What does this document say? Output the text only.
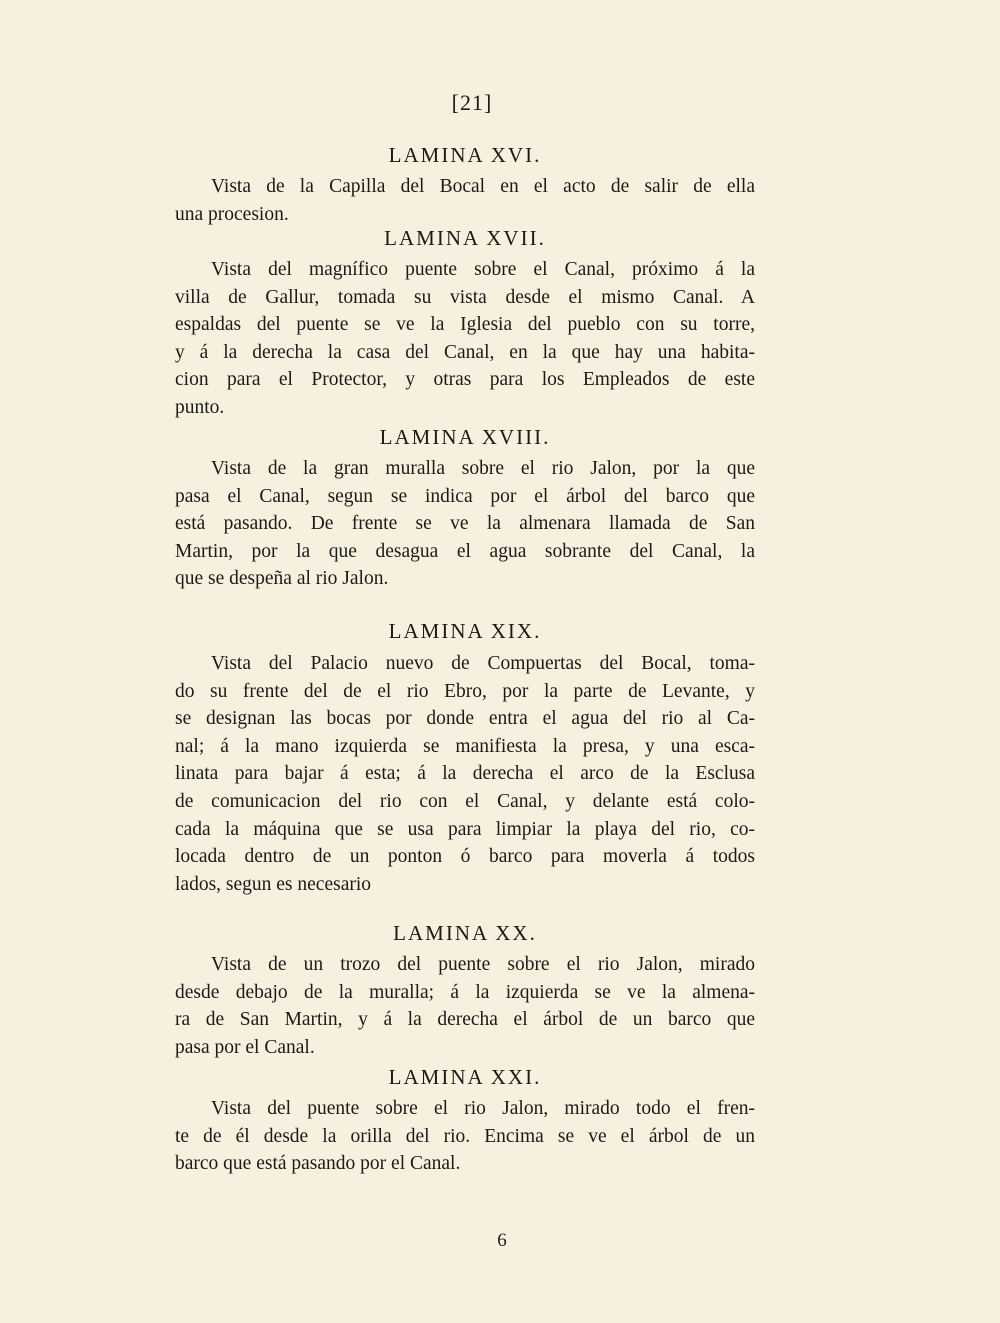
[21]
LAMINA XVI.
Vista de la Capilla del Bocal en el acto de salir de ella
una procesion.
LAMINA XVII.
Vista del magnífico puente sobre el Canal, próximo á la
villa de Gallur, tomada su vista desde el mismo Canal. A
espaldas del puente se ve la Iglesia del pueblo con su torre,
y á la derecha la casa del Canal, en la que hay una habita-
cion para el Protector, y otras para los Empleados de este
punto.
LAMINA XVIII.
Vista de la gran muralla sobre el rio Jalon, por la que
pasa el Canal, segun se indica por el árbol del barco que
está pasando. De frente se ve la almenara llamada de San
Martin, por la que desagua el agua sobrante del Canal, la
que se despeña al rio Jalon.
LAMINA XIX.
Vista del Palacio nuevo de Compuertas del Bocal, toma-
do su frente del de el rio Ebro, por la parte de Levante, y
se designan las bocas por donde entra el agua del rio al Ca-
nal; á la mano izquierda se manifiesta la presa, y una esca-
linata para bajar á esta; á la derecha el arco de la Esclusa
de comunicacion del rio con el Canal, y delante está colo-
cada la máquina que se usa para limpiar la playa del rio, co-
locada dentro de un ponton ó barco para moverla á todos
lados, segun es necesario
LAMINA XX.
Vista de un trozo del puente sobre el rio Jalon, mirado
desde debajo de la muralla; á la izquierda se ve la almena-
ra de San Martin, y á la derecha el árbol de un barco que
pasa por el Canal.
LAMINA XXI.
Vista del puente sobre el rio Jalon, mirado todo el fren-
te de él desde la orilla del rio. Encima se ve el árbol de un
barco que está pasando por el Canal.
6
